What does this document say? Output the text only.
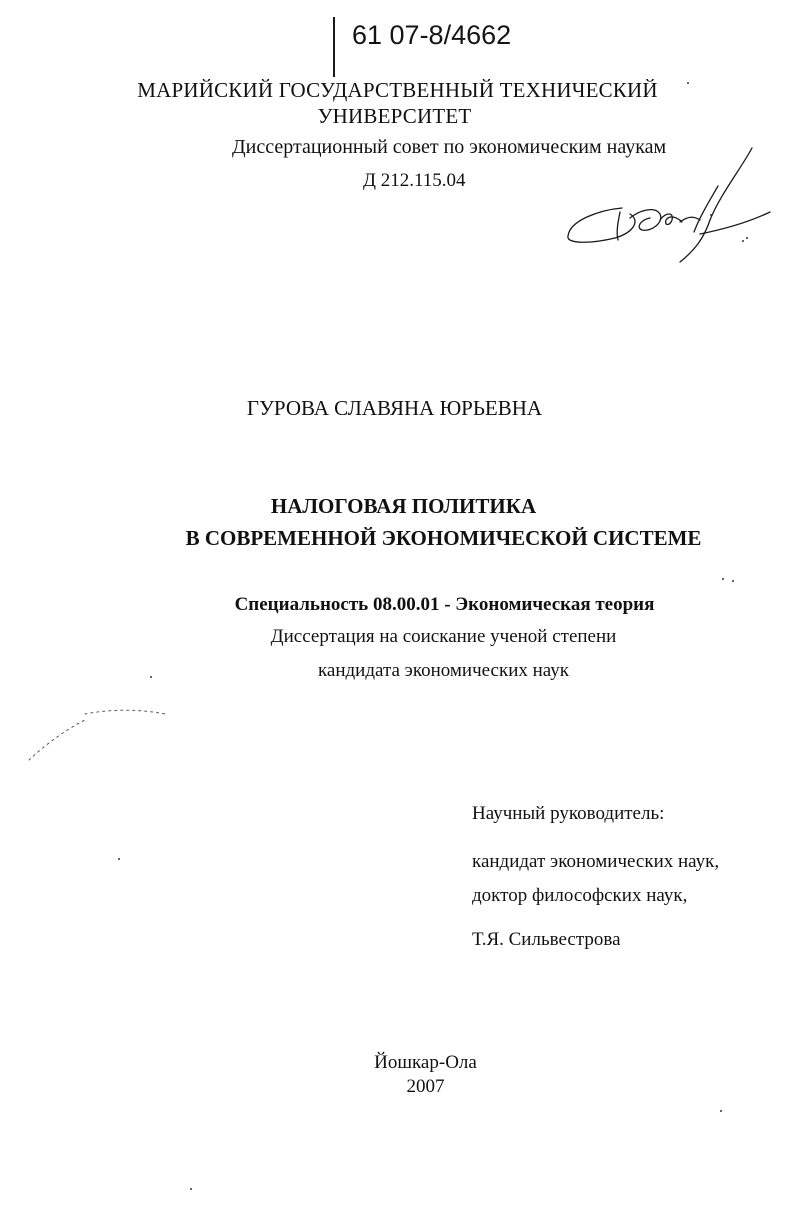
61 07-8/4662
МАРИЙСКИЙ ГОСУДАРСТВЕННЫЙ ТЕХНИЧЕСКИЙ
УНИВЕРСИТЕТ
Диссертационный совет по экономическим наукам
Д 212.115.04
ГУРОВА СЛАВЯНА ЮРЬЕВНА
НАЛОГОВАЯ ПОЛИТИКА
В СОВРЕМЕННОЙ ЭКОНОМИЧЕСКОЙ СИСТЕМЕ
Специальность 08.00.01 - Экономическая теория
Диссертация на соискание ученой степени
кандидата экономических наук
Научный руководитель:
кандидат экономических наук,
доктор философских наук,
Т.Я. Сильвестрова
Йошкар-Ола
2007
